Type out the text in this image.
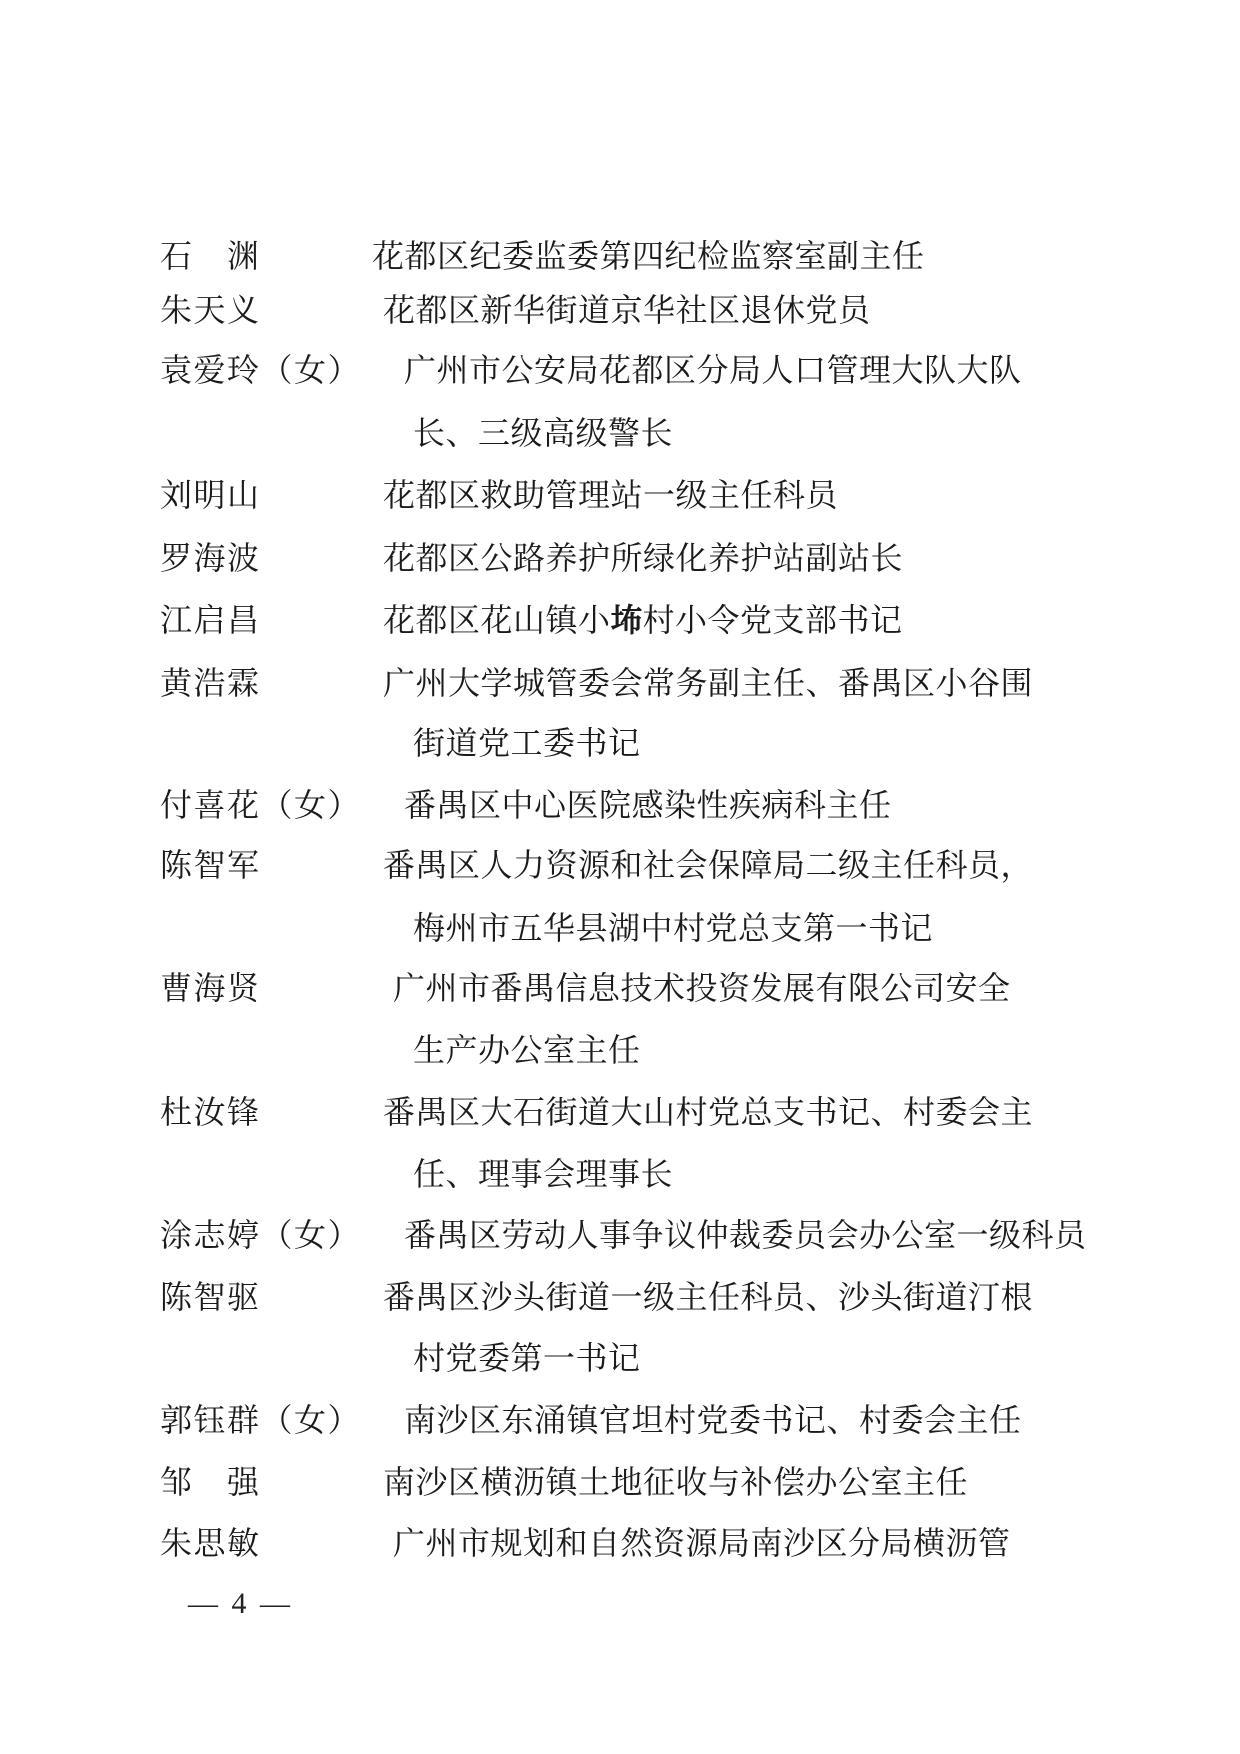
石　渊	花都区纪委监委第四纪检监察室副主任
朱天义	花都区新华街道京华社区退休党员
袁爱玲（女） 广州市公安局花都区分局人口管理大队大队
长、三级高级警长
刘明山	花都区救助管理站一级主任科员
罗海波	花都区公路养护所绿化养护站副站长
江启昌	花都区花山镇小㘵村小令党支部书记
黄浩霖	广州大学城管委会常务副主任、番禺区小谷围
街道党工委书记
付喜花（女） 番禺区中心医院感染性疾病科主任
陈智军	番禺区人力资源和社会保障局二级主任科员，
梅州市五华县湖中村党总支第一书记
曹海贤	广州市番禺信息技术投资发展有限公司安全
生产办公室主任
杜汝锋	番禺区大石街道大山村党总支书记、村委会主
任、理事会理事长
涂志婷（女） 番禺区劳动人事争议仲裁委员会办公室一级科员
陈智驱	番禺区沙头街道一级主任科员、沙头街道汀根
村党委第一书记
郭钰群（女） 南沙区东涌镇官坦村党委书记、村委会主任
邹　强	南沙区横沥镇土地征收与补偿办公室主任
朱思敏	广州市规划和自然资源局南沙区分局横沥管
— 4 —
